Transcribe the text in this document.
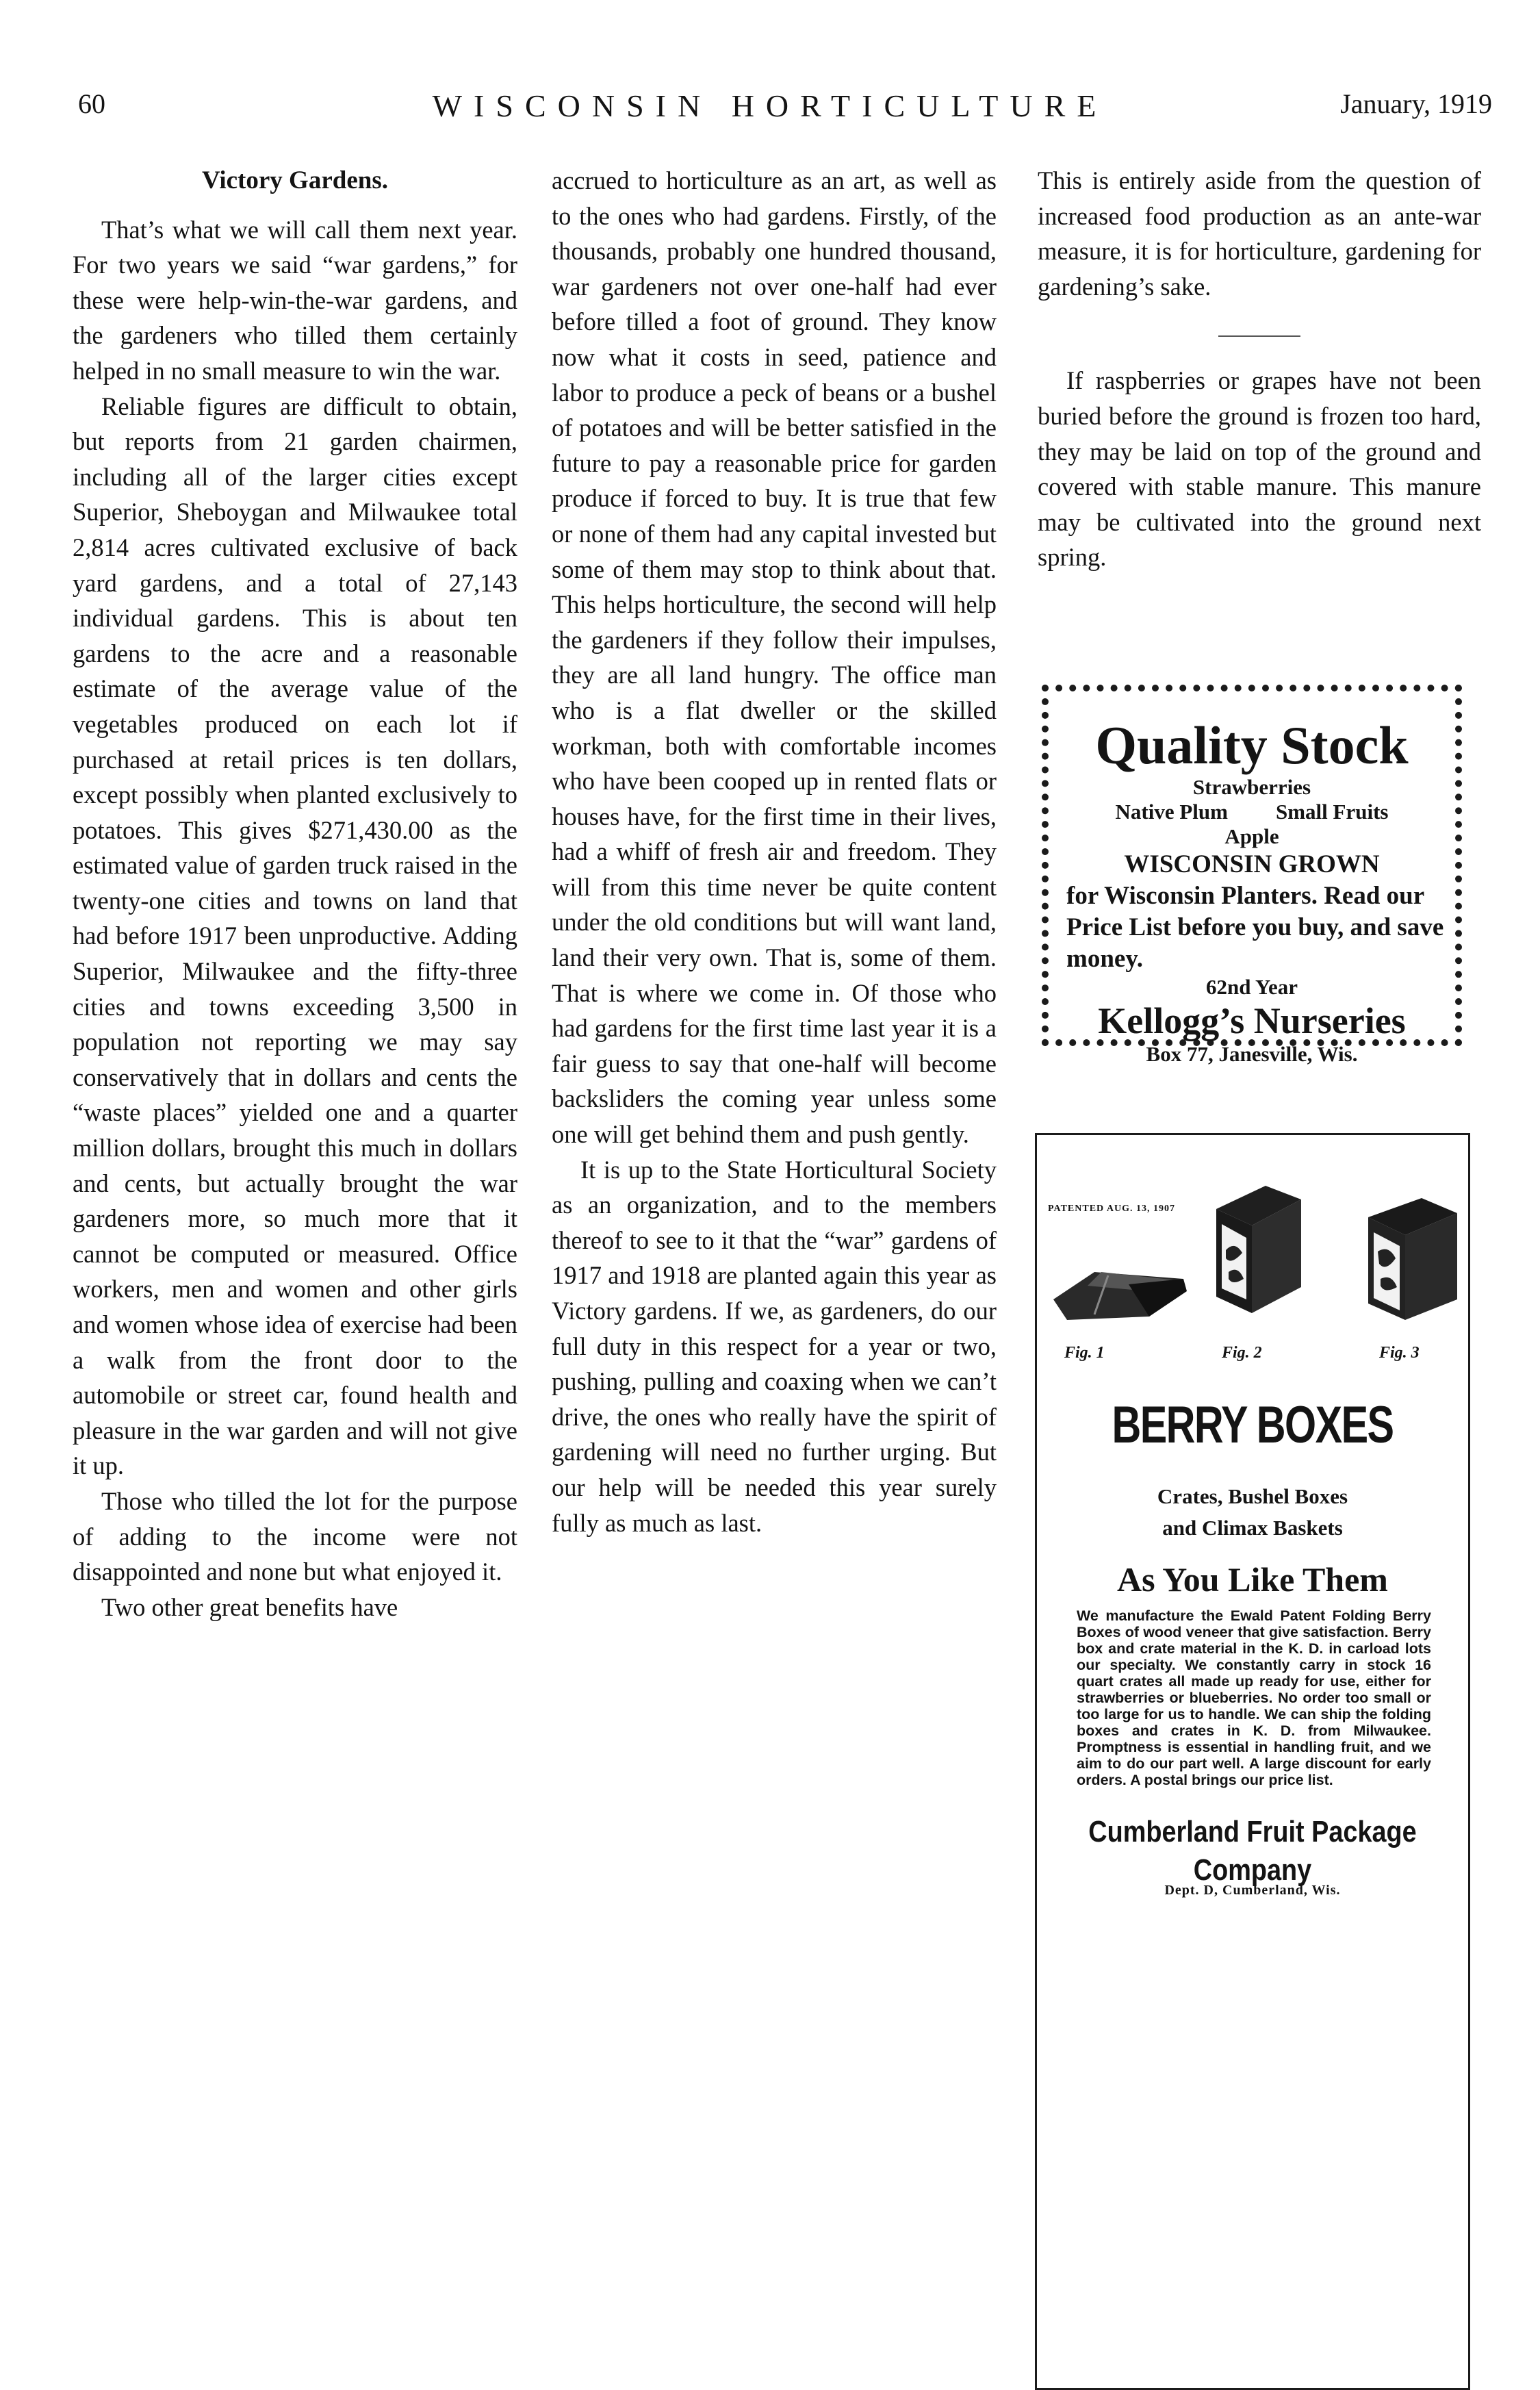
60	WISCONSIN HORTICULTURE	January, 1919
Victory Gardens.

That’s what we will call them next year. For two years we said “war gardens,” for these were help-win-the-war gardens, and the gardeners who tilled them certainly helped in no small measure to win the war.

Reliable figures are difficult to obtain, but reports from 21 garden chairmen, including all of the larger cities except Superior, Sheboygan and Milwaukee total 2,814 acres cultivated exclusive of back yard gardens, and a total of 27,143 individual gardens. This is about ten gardens to the acre and a reasonable estimate of the average value of the vegetables produced on each lot if purchased at retail prices is ten dollars, except possibly when planted exclusively to potatoes. This gives $271,430.00 as the estimated value of garden truck raised in the twenty-one cities and towns on land that had before 1917 been unproductive. Adding Superior, Milwaukee and the fifty-three cities and towns exceeding 3,500 in population not reporting we may say conservatively that in dollars and cents the “waste places” yielded one and a quarter million dollars, brought this much in dollars and cents, but actually brought the war gardeners more, so much more that it cannot be computed or measured. Office workers, men and women and other girls and women whose idea of exercise had been a walk from the front door to the automobile or street car, found health and pleasure in the war garden and will not give it up.

Those who tilled the lot for the purpose of adding to the income were not disappointed and none but what enjoyed it.

Two other great benefits have

accrued to horticulture as an art, as well as to the ones who had gardens. Firstly, of the thousands, probably one hundred thousand, war gardeners not over one-half had ever before tilled a foot of ground. They know now what it costs in seed, patience and labor to produce a peck of beans or a bushel of potatoes and will be better satisfied in the future to pay a reasonable price for garden produce if forced to buy. It is true that few or none of them had any capital invested but some of them may stop to think about that. This helps horticulture, the second will help the gardeners if they follow their impulses, they are all land hungry. The office man who is a flat dweller or the skilled workman, both with comfortable incomes who have been cooped up in rented flats or houses have, for the first time in their lives, had a whiff of fresh air and freedom. They will from this time never be quite content under the old conditions but will want land, land their very own. That is, some of them. That is where we come in. Of those who had gardens for the first time last year it is a fair guess to say that one-half will become backsliders the coming year unless some one will get behind them and push gently.

It is up to the State Horticultural Society as an organization, and to the members thereof to see to it that the “war” gardens of 1917 and 1918 are planted again this year as Victory gardens. If we, as gardeners, do our full duty in this respect for a year or two, pushing, pulling and coaxing when we can’t drive, the ones who really have the spirit of gardening will need no further urging. But our help will be needed this year surely fully as much as last.

This is entirely aside from the question of increased food production as an ante-war measure, it is for horticulture, gardening for gardening’s sake.

If raspberries or grapes have not been buried before the ground is frozen too hard, they may be laid on top of the ground and covered with stable manure. This manure may be cultivated into the ground next spring.

Quality Stock
Strawberries
Native Plum Small Fruits
Apple
WISCONSIN GROWN
for Wisconsin Planters. Read our Price List before you buy, and save money.
62nd Year
Kellogg’s Nurseries
Box 77, Janesville, Wis.
PATENTED AUG. 13, 1907
Fig. 1	Fig. 2	Fig. 3
BERRY BOXES
Crates, Bushel Boxes
and Climax Baskets
As You Like Them
We manufacture the Ewald Patent Folding Berry Boxes of wood veneer that give satisfaction. Berry box and crate material in the K. D. in carload lots our specialty. We constantly carry in stock 16 quart crates all made up ready for use, either for strawberries or blueberries. No order too small or too large for us to handle. We can ship the folding boxes and crates in K. D. from Milwaukee. Promptness is essential in handling fruit, and we aim to do our part well. A large discount for early orders. A postal brings our price list.
Cumberland Fruit Package
Company
Dept. D, Cumberland, Wis.
